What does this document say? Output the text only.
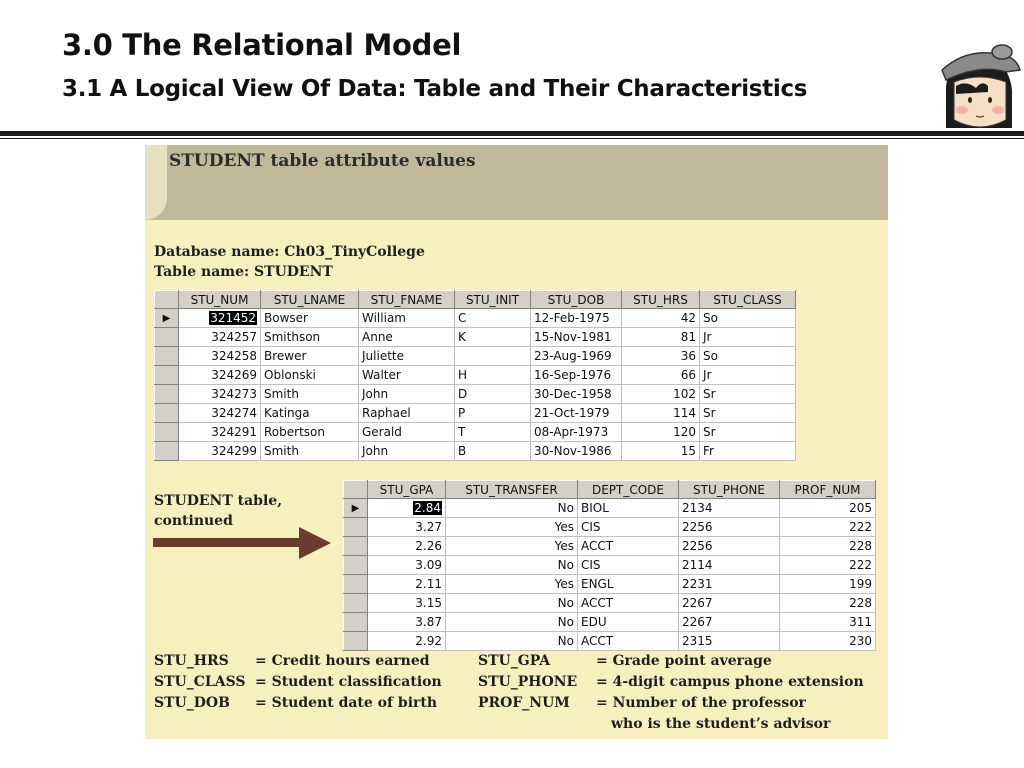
3.0 The Relational Model
3.1 A Logical View Of Data: Table and Their Characteristics
STUDENT table attribute values
Database name: Ch03_TinyCollege
Table name: STUDENT
	STU_NUM	STU_LNAME	STU_FNAME	STU_INIT	STU_DOB	STU_HRS	STU_CLASS
▶	321452	Bowser	William	C	12-Feb-1975	42	So
	324257	Smithson	Anne	K	15-Nov-1981	81	Jr
	324258	Brewer	Juliette		23-Aug-1969	36	So
	324269	Oblonski	Walter	H	16-Sep-1976	66	Jr
	324273	Smith	John	D	30-Dec-1958	102	Sr
	324274	Katinga	Raphael	P	21-Oct-1979	114	Sr
	324291	Robertson	Gerald	T	08-Apr-1973	120	Sr
	324299	Smith	John	B	30-Nov-1986	15	Fr
STUDENT table,
continued
	STU_GPA	STU_TRANSFER	DEPT_CODE	STU_PHONE	PROF_NUM
▶	2.84	No	BIOL	2134	205
	3.27	Yes	CIS	2256	222
	2.26	Yes	ACCT	2256	228
	3.09	No	CIS	2114	222
	2.11	Yes	ENGL	2231	199
	3.15	No	ACCT	2267	228
	3.87	No	EDU	2267	311
	2.92	No	ACCT	2315	230
STU_HRS = Credit hours earned
STU_CLASS = Student classification
STU_DOB = Student date of birth
STU_GPA	= Grade point average
STU_PHONE = 4-digit campus phone extension
PROF_NUM = Number of the professor
who is the student’s advisor
